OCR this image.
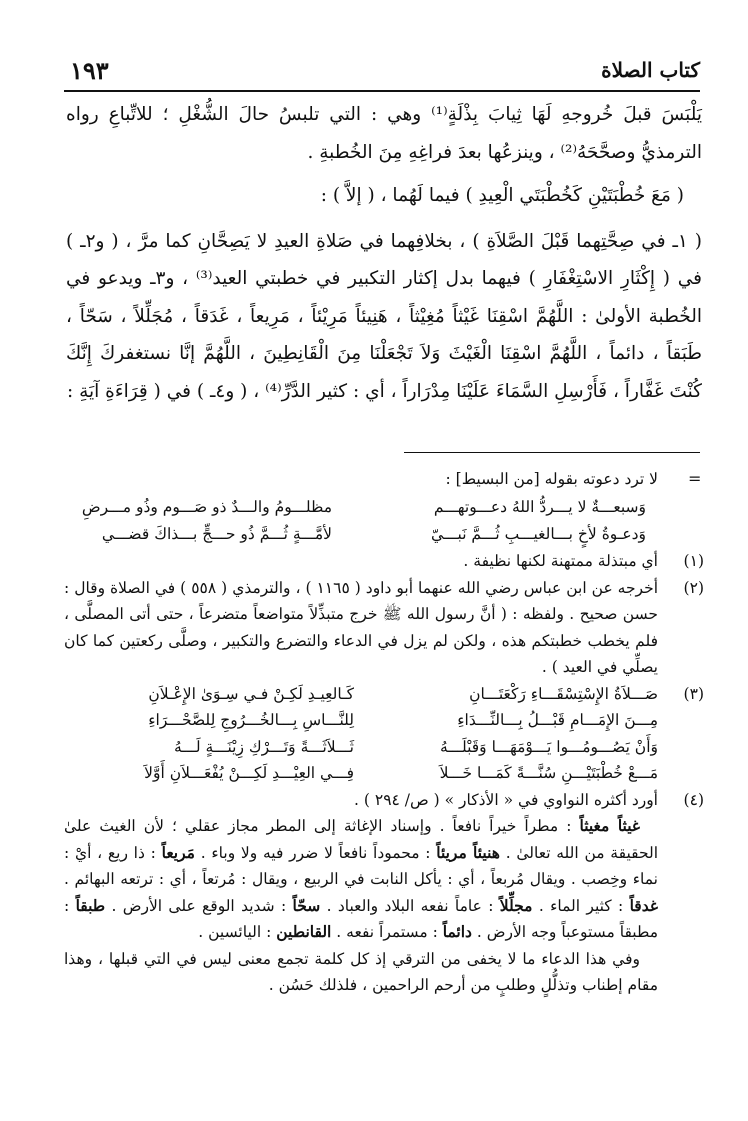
كتاب الصلاة
١٩٣

يَلْبَسَ قبلَ خُروجهِ لَهَا ثِيابَ بِذْلَةٍ⁽¹⁾ وهي : التي تلبسُ حالَ الشُّغْلِ ؛ للاتِّباعِ رواه الترمذيُّ وصحَّحَهُ⁽²⁾ ، وينزعُها بعدَ فراغِهِ مِنَ الخُطبةِ .

( مَعَ خُطْبَتَيْنِ كَخُطْبَتَي الْعِيدِ ) فيما لَهُما ، ( إلاَّ ) :

( ١ـ في صِحَّتِهما قَبْلَ الصَّلاَةِ ) ، بخلافِهما في صَلاةِ العيدِ لا يَصِحَّانِ كما مرَّ ، ( و٢ـ ) في ( إِكْثَارِ الاسْتِغْفَارِ ) فيهما بدل إكثار التكبير في خطبتي العيد⁽³⁾ ، و٣ـ ويدعو في الخُطبة الأولىٰ : اللَّهُمَّ اسْقِنَا غَيْثاً مُغِيْثاً ، هَنِيئاً مَرِيْئاً ، مَرِيعاً ، غَدَقاً ، مُجَلِّلاً ، سَحّاً ، طَبَقاً ، دائماً ، اللَّهُمَّ اسْقِنَا الْغَيْثَ وَلاَ تَجْعَلْنَا مِنَ الْقَانِطِينَ ، اللَّهُمَّ إنَّا نستغفركَ إِنَّكَ كُنْتَ غَفَّاراً ، فَأَرْسِلِ السَّمَاءَ عَلَيْنَا مِدْرَاراً ، أي : كثير الدَّرِّ⁽⁴⁾ ، ( و٤ـ ) في ( قِرَاءَةِ آيَةِ :

=
لا ترد دعوته بقوله [من البسيط] :
وَسبعـــةٌ لا يـــردُّ اللهُ دعـــوتهـــم
مظلـــومُ والـــدٌ ذو صَـــوم وذُو مـــرضِ
وَدعـوةُ لأخٍ بـــالغيـــبِ ثُـــمَّ نَبـــيّ
لأمَّـــةٍ ثُـــمَّ ذُو حـــجٍّ بـــذاكَ قضـــي
(١)

أي مبتذلة ممتهنة لكنها نظيفة .

(٢)

أخرجه عن ابن عباس رضي الله عنهما أبو داود ( ١١٦٥ ) ، والترمذي ( ٥٥٨ ) في الصلاة وقال : حسن صحيح . ولفظه : ( أنَّ رسول الله ﷺ خرج متبذِّلاً متواضعاً متضرعاً ، حتى أتى المصلَّى ، فلم يخطب خطبتكم هذه ، ولكن لم يزل في الدعاء والتضرع والتكبير ، وصلَّى ركعتين كما كان يصلِّي في العيد ) .

(٣)
صَـــلاَةُ الإِسْتِسْقَـــاءِ رَكْعَتَـــانِ
كَـالعِيـدِ لَكِـنْ فـي سِـوَىٰ الإِعْـلاَنِ
مِـــنَ الإِمَـــامِ قَبْـــلُ بِـــالنِّـــدَاءِ
لِلنَّـــاسِ بِـــالخُـــرُوجِ لِلصَّحْـــرَاءِ
وَأَنْ يَصُـــومُـــوا يَـــوْمَهَـــا وَقَبْلَـــهُ
ثَـــلاَثَـــةً وَتَـــرْكِ زِيْنَـــةٍ لَـــهُ
مَـــعْ خُطْبَتَيْـــنِ سُنَّـــةً كَمَـــا خَـــلاَ
فِـــي العِيْـــدِ لَكِـــنْ يُفْعَـــلاَنِ أَوَّلاَ
(٤)

أورد أكثره النواوي في « الأذكار » ( ص/ ٢٩٤ ) .

غيثاً مغيثاً : مطراً خيراً نافعاً . وإسناد الإغاثة إلى المطر مجاز عقلي ؛ لأن الغيث علىٰ الحقيقة من الله تعالىٰ . هنيئاً مريئاً : محموداً نافعاً لا ضرر فيه ولا وباء . مَريعاً : ذا ريع ، أيْ : نماء وخِصب . ويقال مُربعاً ، أي : يأكل النابت في الربيع ، ويقال : مُرتعاً ، أي : ترتعه البهائم . غدقاً : كثير الماء . مجلِّلاً : عاماً نفعه البلاد والعباد . سحّاً : شديد الوقع على الأرض . طبقاً : مطبقاً مستوعباً وجه الأرض . دائماً : مستمراً نفعه . القانطين : اليائسين .

وفي هذا الدعاء ما لا يخفى من الترقي إذ كل كلمة تجمع معنى ليس في التي قبلها ، وهذا مقام إطناب وتذلُّلٍ وطلبٍ من أرحم الراحمين ، فلذلك حَسُن .
